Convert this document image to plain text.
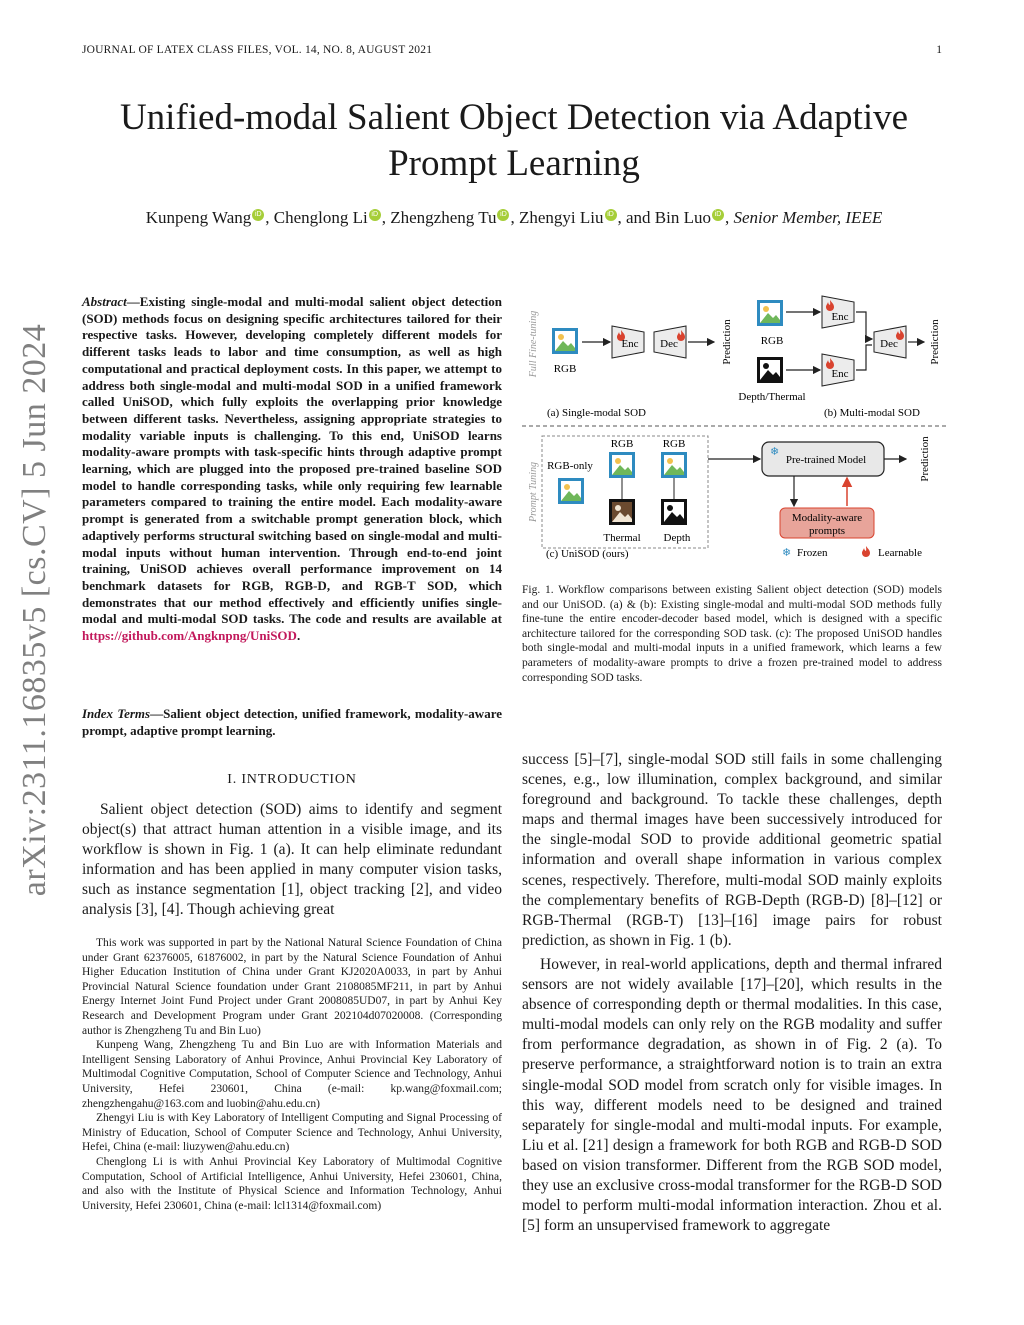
JOURNAL OF LATEX CLASS FILES, VOL. 14, NO. 8, AUGUST 2021	1
arXiv:2311.16835v5 [cs.CV] 5 Jun 2024
Unified-modal Salient Object Detection via Adaptive Prompt Learning
Kunpeng Wang iD , Chenglong Li iD , Zhengzheng Tu iD , Zhengyi Liu iD , and Bin Luo iD , Senior Member, IEEE
Abstract—Existing single-modal and multi-modal salient object detection (SOD) methods focus on designing specific architectures tailored for their respective tasks. However, developing completely different models for different tasks leads to labor and time consumption, as well as high computational and practical deployment costs. In this paper, we attempt to address both single-modal and multi-modal SOD in a unified framework called UniSOD, which fully exploits the overlapping prior knowledge between different tasks. Nevertheless, assigning appropriate strategies to modality variable inputs is challenging. To this end, UniSOD learns modality-aware prompts with task-specific hints through adaptive prompt learning, which are plugged into the proposed pre-trained baseline SOD model to handle corresponding tasks, while only requiring few learnable parameters compared to training the entire model. Each modality-aware prompt is generated from a switchable prompt generation block, which adaptively performs structural switching based on single-modal and multi-modal inputs without human intervention. Through end-to-end joint training, UniSOD achieves overall performance improvement on 14 benchmark datasets for RGB, RGB-D, and RGB-T SOD, which demonstrates that our method effectively and efficiently unifies single-modal and multi-modal SOD tasks. The code and results are available at https://github.com/Angknpng/UniSOD.
Index Terms—Salient object detection, unified framework, modality-aware prompt, adaptive prompt learning.
I. INTRODUCTION

Salient object detection (SOD) aims to identify and segment object(s) that attract human attention in a visible image, and its workflow is shown in Fig. 1 (a). It can help eliminate redundant information and has been applied in many computer vision tasks, such as instance segmentation [1], object tracking [2], and video analysis [3], [4]. Though achieving great

This work was supported in part by the National Natural Science Foundation of China under Grant 62376005, 61876002, in part by the Natural Science Foundation of Anhui Higher Education Institution of China under Grant KJ2020A0033, in part by Anhui Provincial Natural Science foundation under Grant 2108085MF211, in part by Anhui Energy Internet Joint Fund Project under Grant 2008085UD07, in part by Anhui Key Research and Development Program under Grant 202104d07020008. (Corresponding author is Zhengzheng Tu and Bin Luo)

Kunpeng Wang, Zhengzheng Tu and Bin Luo are with Information Materials and Intelligent Sensing Laboratory of Anhui Province, Anhui Provincial Key Laboratory of Multimodal Cognitive Computation, School of Computer Science and Technology, Anhui University, Hefei 230601, China (e-mail: kp.wang@foxmail.com; zhengzhengahu@163.com and luobin@ahu.edu.cn)

Zhengyi Liu is with Key Laboratory of Intelligent Computing and Signal Processing of Ministry of Education, School of Computer Science and Technology, Anhui University, Hefei, China (e-mail: liuzywen@ahu.edu.cn)

Chenglong Li is with Anhui Provincial Key Laboratory of Multimodal Cognitive Computation, School of Artificial Intelligence, Anhui University, Hefei 230601, China, and also with the Institute of Physical Science and Information Technology, Anhui University, Hefei 230601, China (e-mail: lcl1314@foxmail.com)

Full Fine-tuning
Prompt Tuning
RGB
Enc Dec	Prediction
(a) Single-modal SOD
RGB
Depth/Thermal
Enc
Enc
Dec	Prediction
(b) Multi-modal SOD
RGB-only
RGB
Thermal
RGB
Depth
(c) UniSOD (ours)
❄
Pre-trained Model	Prediction
Modality-aware
prompts
❄ Frozen	Learnable
Fig. 1. Workflow comparisons between existing Salient object detection (SOD) models and our UniSOD. (a) & (b): Existing single-modal and multi-modal SOD methods fully fine-tune the entire encoder-decoder based model, which is designed with a specific architecture tailored for the corresponding SOD task. (c): The proposed UniSOD handles both single-modal and multi-modal inputs in a unified framework, which learns a few parameters of modality-aware prompts to drive a frozen pre-trained model to address corresponding SOD tasks.

success [5]–[7], single-modal SOD still fails in some challenging scenes, e.g., low illumination, complex background, and similar foreground and background. To tackle these challenges, depth maps and thermal images have been successively introduced for the single-modal SOD to provide additional geometric spatial information and overall shape information in various complex scenes, respectively. Therefore, multi-modal SOD mainly exploits the complementary benefits of RGB-Depth (RGB-D) [8]–[12] or RGB-Thermal (RGB-T) [13]–[16] image pairs for robust prediction, as shown in Fig. 1 (b).

However, in real-world applications, depth and thermal infrared sensors are not widely available [17]–[20], which results in the absence of corresponding depth or thermal modalities. In this case, multi-modal models can only rely on the RGB modality and suffer from performance degradation, as shown in of Fig. 2 (a). To preserve performance, a straightforward notion is to train an extra single-modal SOD model from scratch only for visible images. In this way, different models need to be designed and trained separately for single-modal and multi-modal inputs. For example, Liu et al. [21] design a framework for both RGB and RGB-D SOD based on vision transformer. Different from the RGB SOD model, they use an exclusive cross-modal transformer for the RGB-D SOD model to perform multi-modal information interaction. Zhou et al. [5] form an unsupervised framework to aggregate
